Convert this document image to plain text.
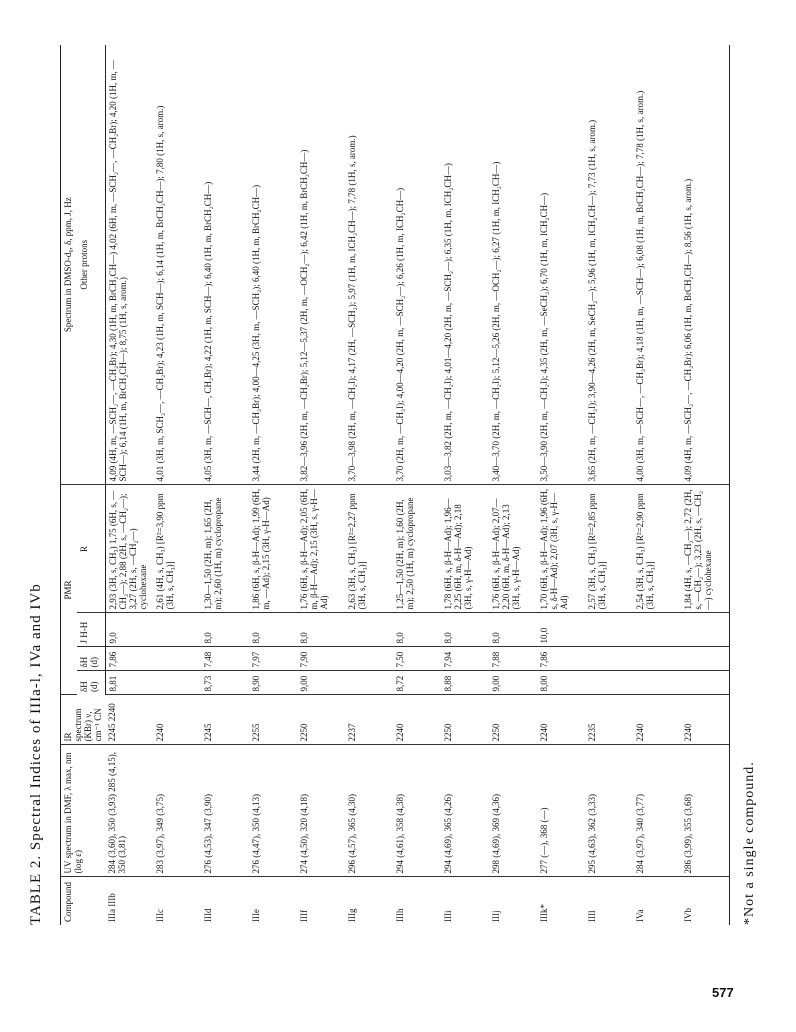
TABLE 2. Spectral Indices of IIIa-l, IVa and IVb	Compound	UV spectrum in DMF, λ max, nm (log ε)	IR spectrum (KBr) ν, cm⁻¹ CN	PMR				Spectrum in DMSO-d₆, δ, ppm, J, Hz
			δH (d)	δH (d)	J H-H	R	Other protons
IIIa IIIb	284 (3,60), 350 (3,93) 285 (4,15), 350 (3,81)	2245 2240	8,81	7,86	9,0	2,93 (3H, s, CH₃) 1,75 (6H, s, —CH₂—); 2,88 (2H, s, —CH₂—); 3,27 (2H, s, —CH₂—) cyclohexane	4,09 (4H, m, —SCH₂—, —CH₂Br); 4,30 (1H, m, BrCH₂CH—) 4,02 (6H, m, —SCH₂—, —CH₂Br); 4,20 (1H, m, —SCH—); 6,14 (1H, m, BrCH₂CH—); 8,75 (1H, s, arom.)
IIIc	283 (3,97), 349 (3,75)	2240				2,61 (4H, s, CH₃) [R²=3,90 ppm (3H, s, CH₃)]	4,01 (3H, m, SCH₂—, —CH₂Br); 4,23 (1H, m, SCH—); 6,14 (1H, m, BrCH₂CH—); 7,80 (1H, s, arom.)
IIId	276 (4,53), 347 (3,90)	2245	8,73	7,48	8,0	1,30—1,50 (2H, m); 1,65 (2H, m); 2,60 (1H, m) cyclopropane	4,05 (3H, m, —SCH—, CH₂Br); 4,22 (1H, m, SCH—); 6,40 (1H, m, BrCH₂CH—)
IIIe	276 (4,47), 350 (4,13)	2255	8,90	7,97	8,0	1,86 (6H, s, β-H—Ad); 1,99 (6H, m, —Ad); 2,15 (3H, γ-H—Ad)	3,44 (2H, m, —CH₂Br); 4,00—4,25 (3H, m, —SCH₂); 6,40 (1H, m, BrCH₂CH—)
IIIf	274 (4,50), 320 (4,18)	2250	9,00	7,90	8,0	1,76 (6H, s, β-H—Ad); 2,05 (6H, m, β-H—Ad); 2,15 (3H, s, γ-H—Ad)	3,82—3,96 (2H, m, —CH₂Br); 5,12—5,37 (2H, m, —OCH₂—); 6,42 (1H, m, BrCH₂CH—)
IIIg	296 (4,57), 365 (4,30)	2237				2,63 (3H, s, CH₃) [R²=2,27 ppm (3H, s, CH₃)]	3,70—3,98 (2H, m, —CH₂I); 4,17 (2H, —SCH₂); 5,97 (1H, m, ICH₂CH—); 7,78 (1H, s, arom.)
IIIh	294 (4,61), 358 (4,38)	2240	8,72	7,50	8,0	1,25—1,50 (2H, m); 1,60 (2H, m); 2,50 (1H, m) cyclopropane	3,70 (2H, m, —CH₂I); 4,00—4,20 (2H, m, —SCH₂—); 6,26 (1H, m, ICH₂CH—)
IIIi	294 (4,69), 365 (4,26)	2250	8,88	7,94	8,0	1,78 (6H, s, β-H—Ad); 1,96—2,25 (6H, m, δ-H—Ad); 2,18 (3H, s, γ-H—Ad)	3,03—3,82 (2H, m, —CH₂I); 4,01—4,20 (2H, m, —SCH₂—); 6,35 (1H, m, ICH₂CH—)
IIIj	298 (4,69), 369 (4,36)	2250	9,00	7,88	8,0	1,76 (6H, s, β-H—Ad); 2,07—2,20 (6H, m, δ-H—Ad); 2,13 (3H, s, γ-H—Ad)	3,40—3,70 (2H, m, —CH₂I); 5,12—5,26 (2H, m, —OCH₂—); 6,27 (1H, m, ICH₂CH—)
IIIk*	277 (—), 368 (—)	2240	8,00	7,86	10,0	1,70 (6H, s, β-H—Ad); 1,96 (6H, s, δ-H—Ad); 2,07 (3H, s, γ-H—Ad)	3,50—3,90 (2H, m, —CH₂I); 4,35 (2H, m, —SeCH₂); 6,70 (1H, m, ICH₂CH—)
IIIl	295 (4,63), 362 (3,33)	2235				2,57 (3H, s, CH₃) [R²=2,85 ppm (3H, s, CH₃)]	3,65 (2H, m, —CH₂I); 3,90—4,26 (2H, m, SeCH₂—); 5,96 (1H, m, ICH₂CH—); 7,73 (1H, s, arom.)
IVa	284 (3,97), 340 (3,77)	2240				2,54 (3H, s, CH₃) [R²=2,90 ppm (3H, s, CH₃)]	4,00 (3H, m, —SCH—, —CH₂Br); 4,18 (1H, m, —SCH—); 6,08 (1H, m, BrCH₂CH—); 7,78 (1H, s, arom.)
IVb	286 (3,99), 355 (3,68)	2240				1,84 (4H, s, —CH₂—); 2,72 (2H, s, —CH₂—); 3,23 (2H, s, —CH₂—) cyclohexane	4,09 (4H, m, —SCH₂—, —CH₂Br); 6,06 (1H, m, BrCH₂CH—); 8,56 (1H, s, arom.)
*Not a single compound.
577
